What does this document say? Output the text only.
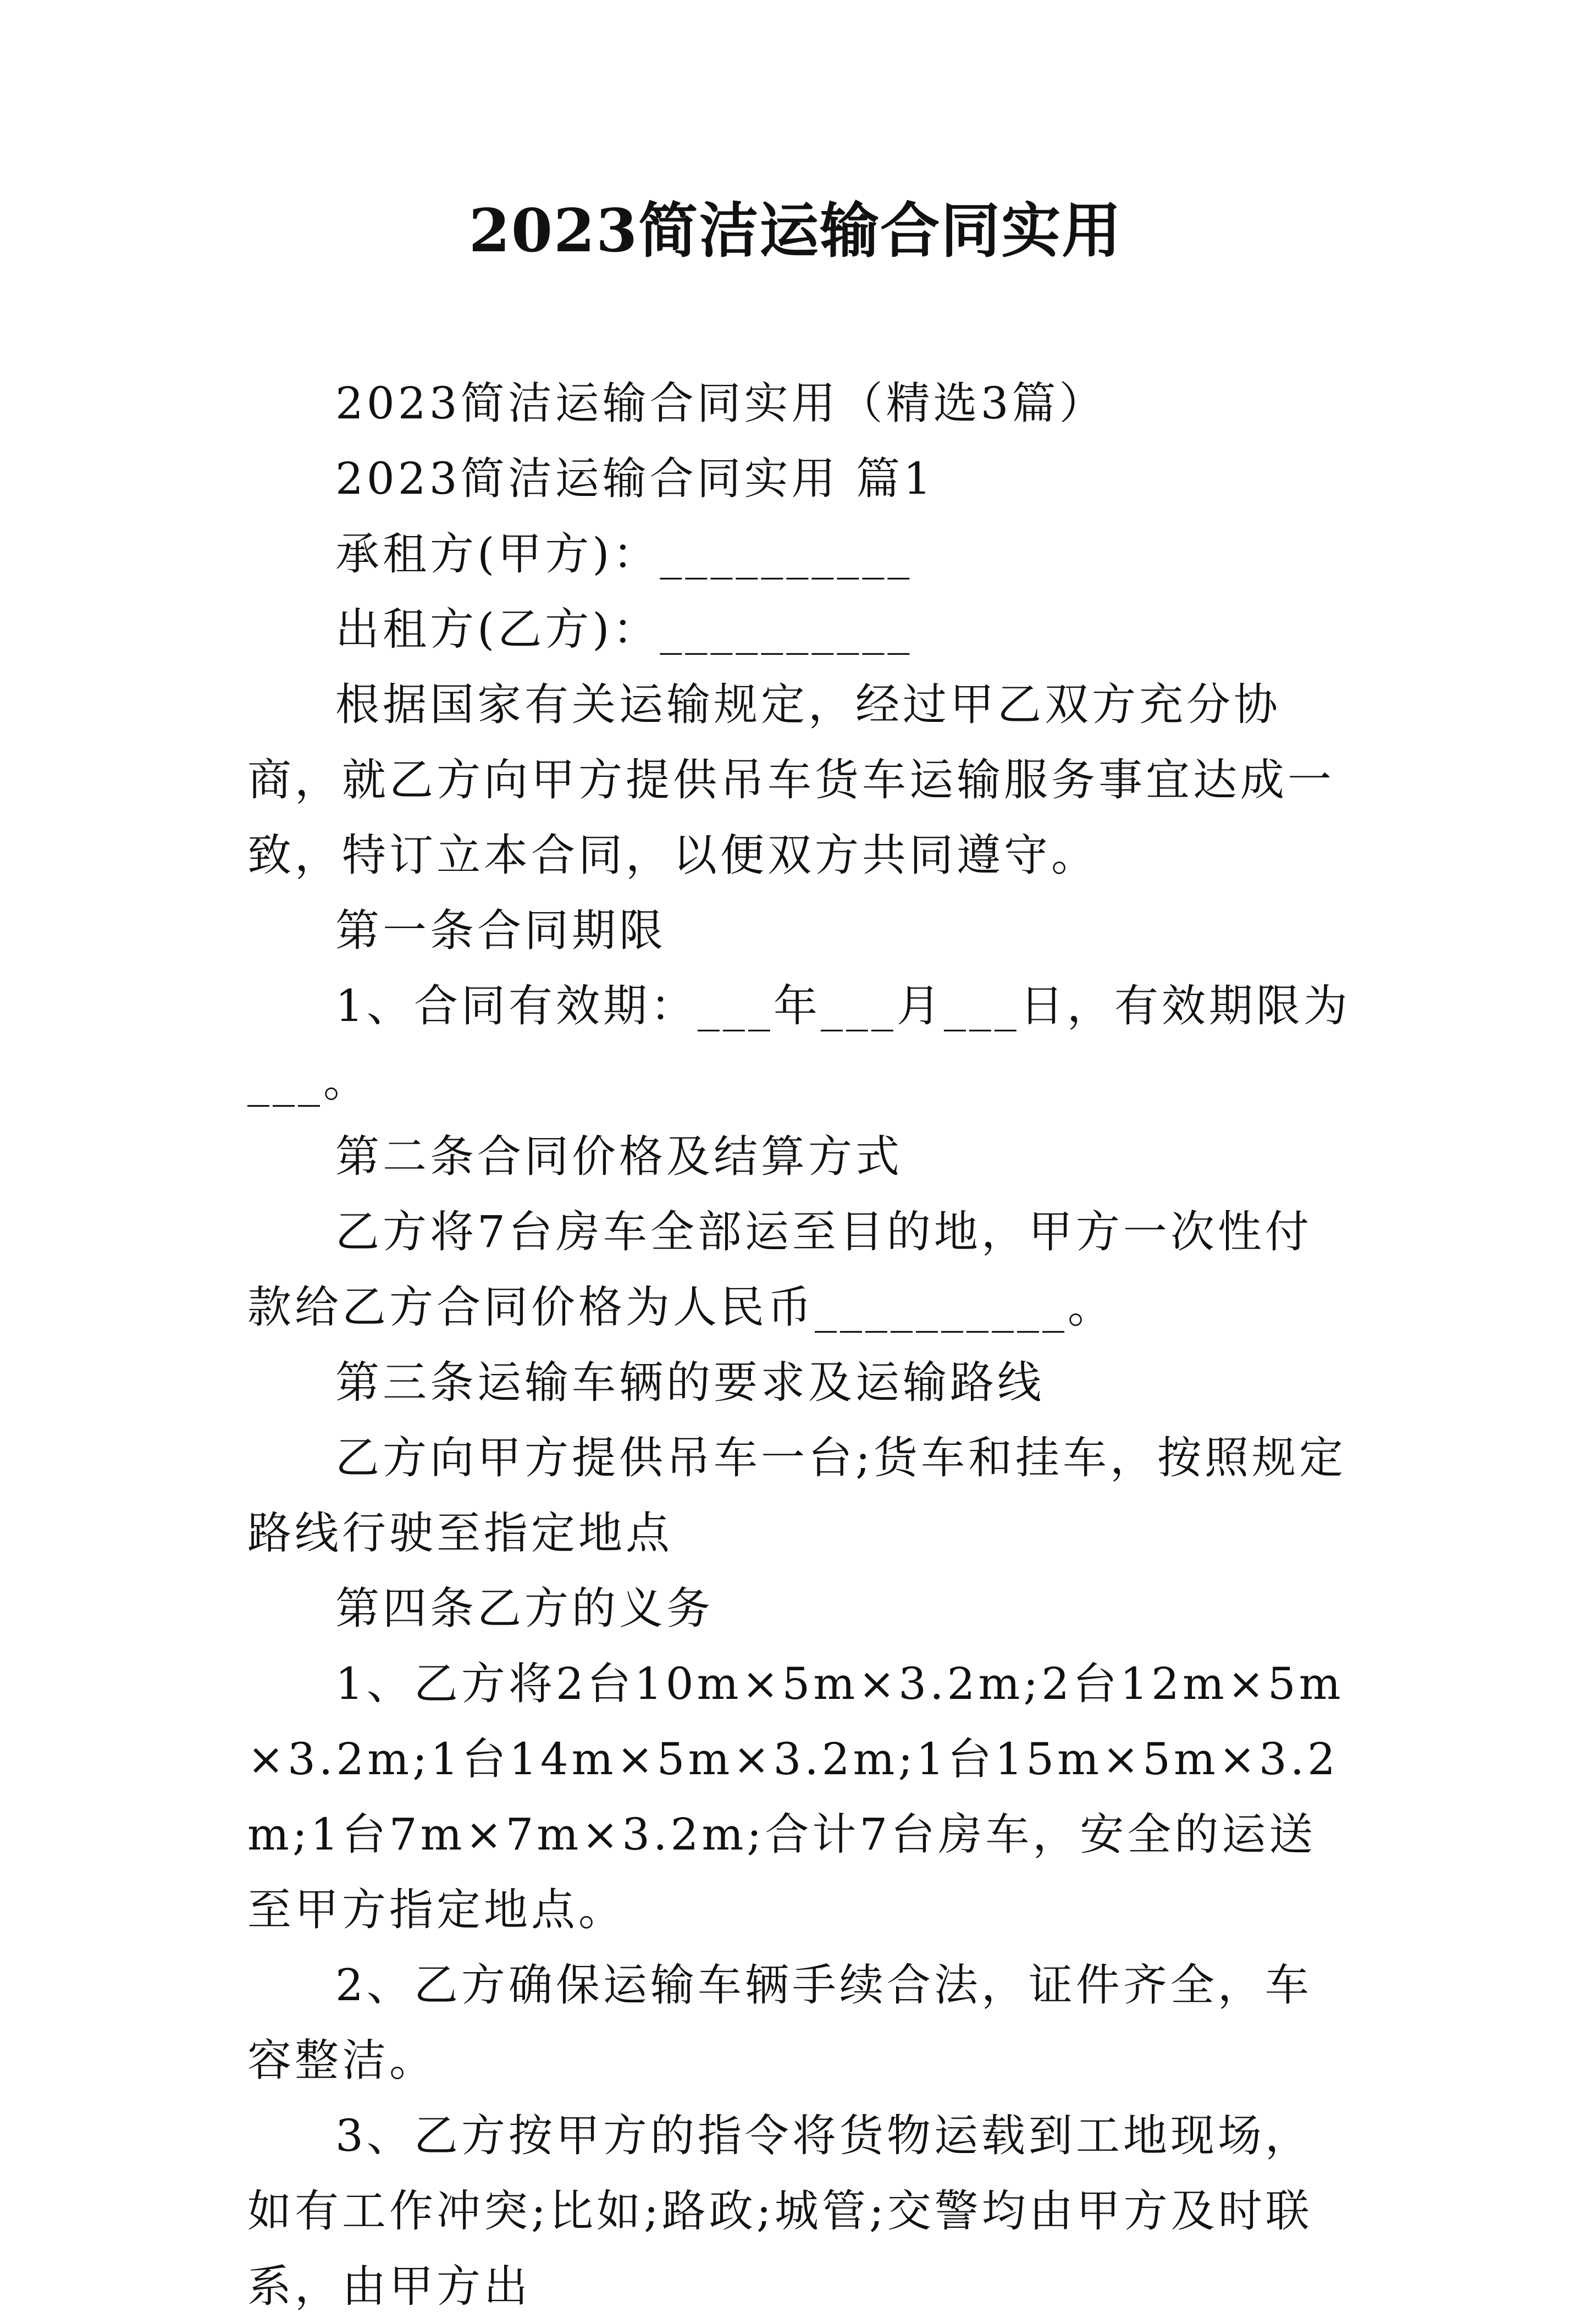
2023简洁运输合同实用

2023简洁运输合同实用（精选3篇）

2023简洁运输合同实用 篇1

承租方(甲方)：__________

出租方(乙方)：__________

根据国家有关运输规定，经过甲乙双方充分协商，就乙方向甲方提供吊车货车运输服务事宜达成一致，特订立本合同，以便双方共同遵守。

第一条合同期限

1、合同有效期：___年___月___日，有效期限为___。

第二条合同价格及结算方式

乙方将7台房车全部运至目的地，甲方一次性付款给乙方合同价格为人民币__________。

第三条运输车辆的要求及运输路线

乙方向甲方提供吊车一台;货车和挂车，按照规定路线行驶至指定地点

第四条乙方的义务

1、乙方将2台10m×5m×3.2m;2台12m×5m×3.2m;1台14m×5m×3.2m;1台15m×5m×3.2m;1台7m×7m×3.2m;合计7台房车，安全的运送至甲方指定地点。

2、乙方确保运输车辆手续合法，证件齐全，车容整洁。

3、乙方按甲方的指令将货物运载到工地现场，如有工作冲突;比如;路政;城管;交警均由甲方及时联系，由甲方出
